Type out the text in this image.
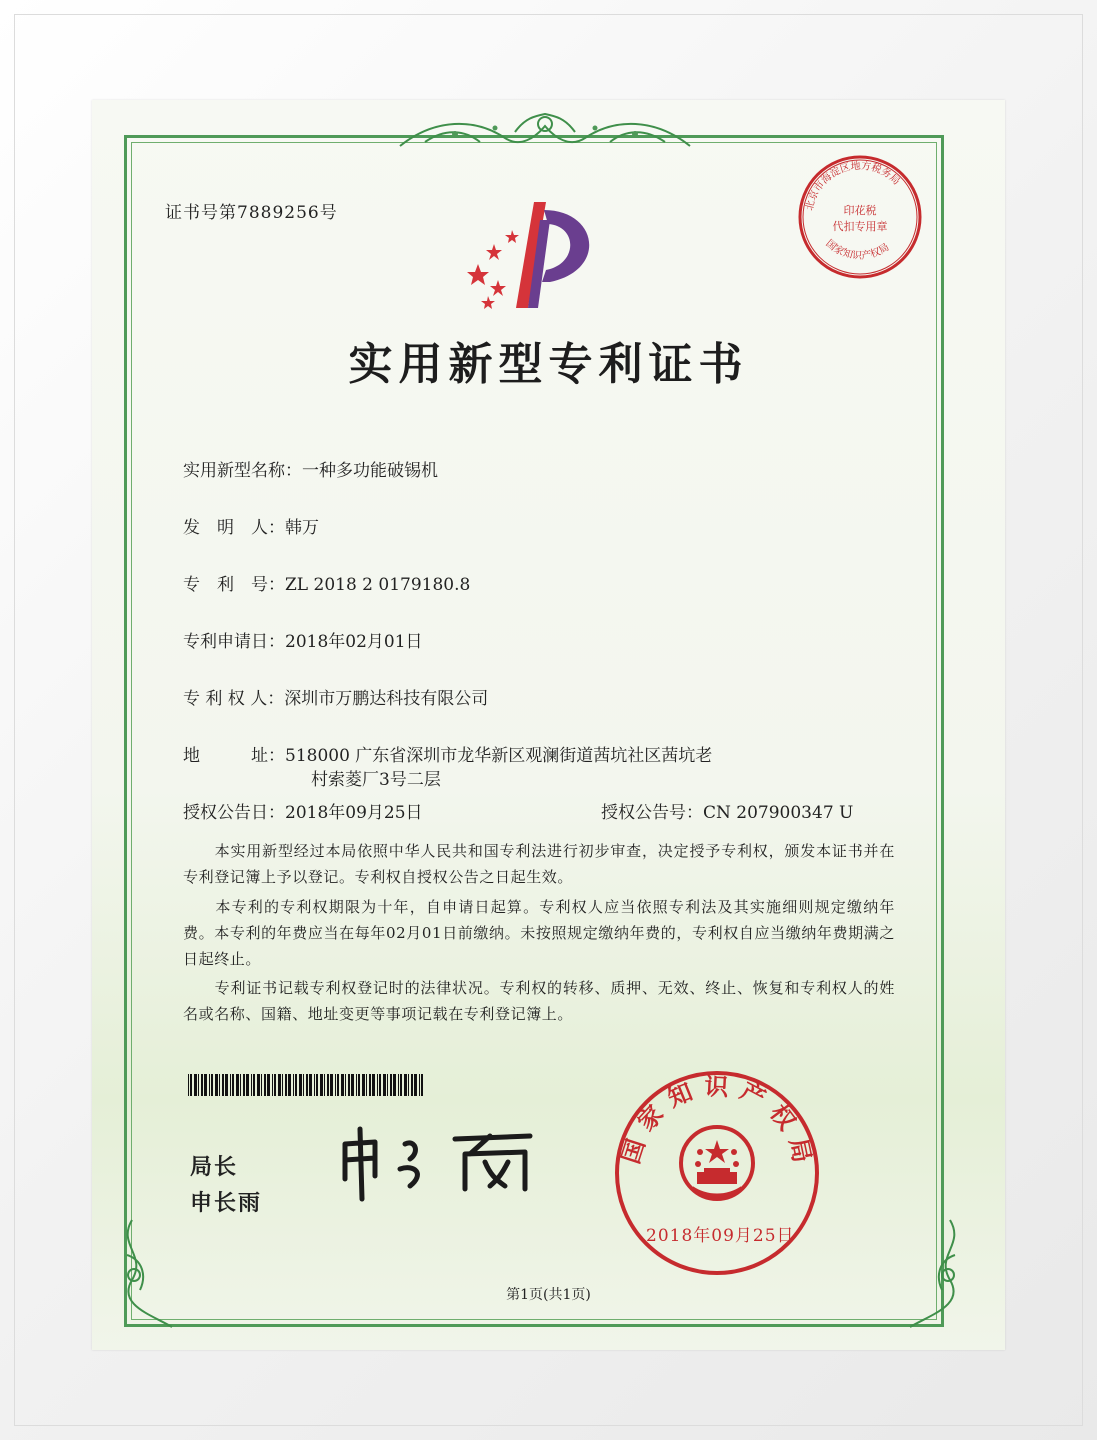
证书号第7889256号	北京市海淀区地方税务局
印花税
代扣专用章
国家知识产权局
实用新型专利证书
实用新型名称：一种多功能破锡机
发　明　人：韩万
专　利　号：ZL 2018 2 0179180.8
专利申请日：2018年02月01日
专 利 权 人：深圳市万鹏达科技有限公司
地　　　址：518000 广东省深圳市龙华新区观澜街道茜坑社区茜坑老
村索菱厂3号二层
授权公告日：2018年09月25日	授权公告号：CN 207900347 U
　　本实用新型经过本局依照中华人民共和国专利法进行初步审查，决定授予专利权，颁发本证书并在专利登记簿上予以登记。专利权自授权公告之日起生效。
　　本专利的专利权期限为十年，自申请日起算。专利权人应当依照专利法及其实施细则规定缴纳年费。本专利的年费应当在每年02月01日前缴纳。未按照规定缴纳年费的，专利权自应当缴纳年费期满之日起终止。
　　专利证书记载专利权登记时的法律状况。专利权的转移、质押、无效、终止、恢复和专利权人的姓名或名称、国籍、地址变更等事项记载在专利登记簿上。
局长
申长雨
国家知识产权局
2018年09月25日
第1页(共1页)
